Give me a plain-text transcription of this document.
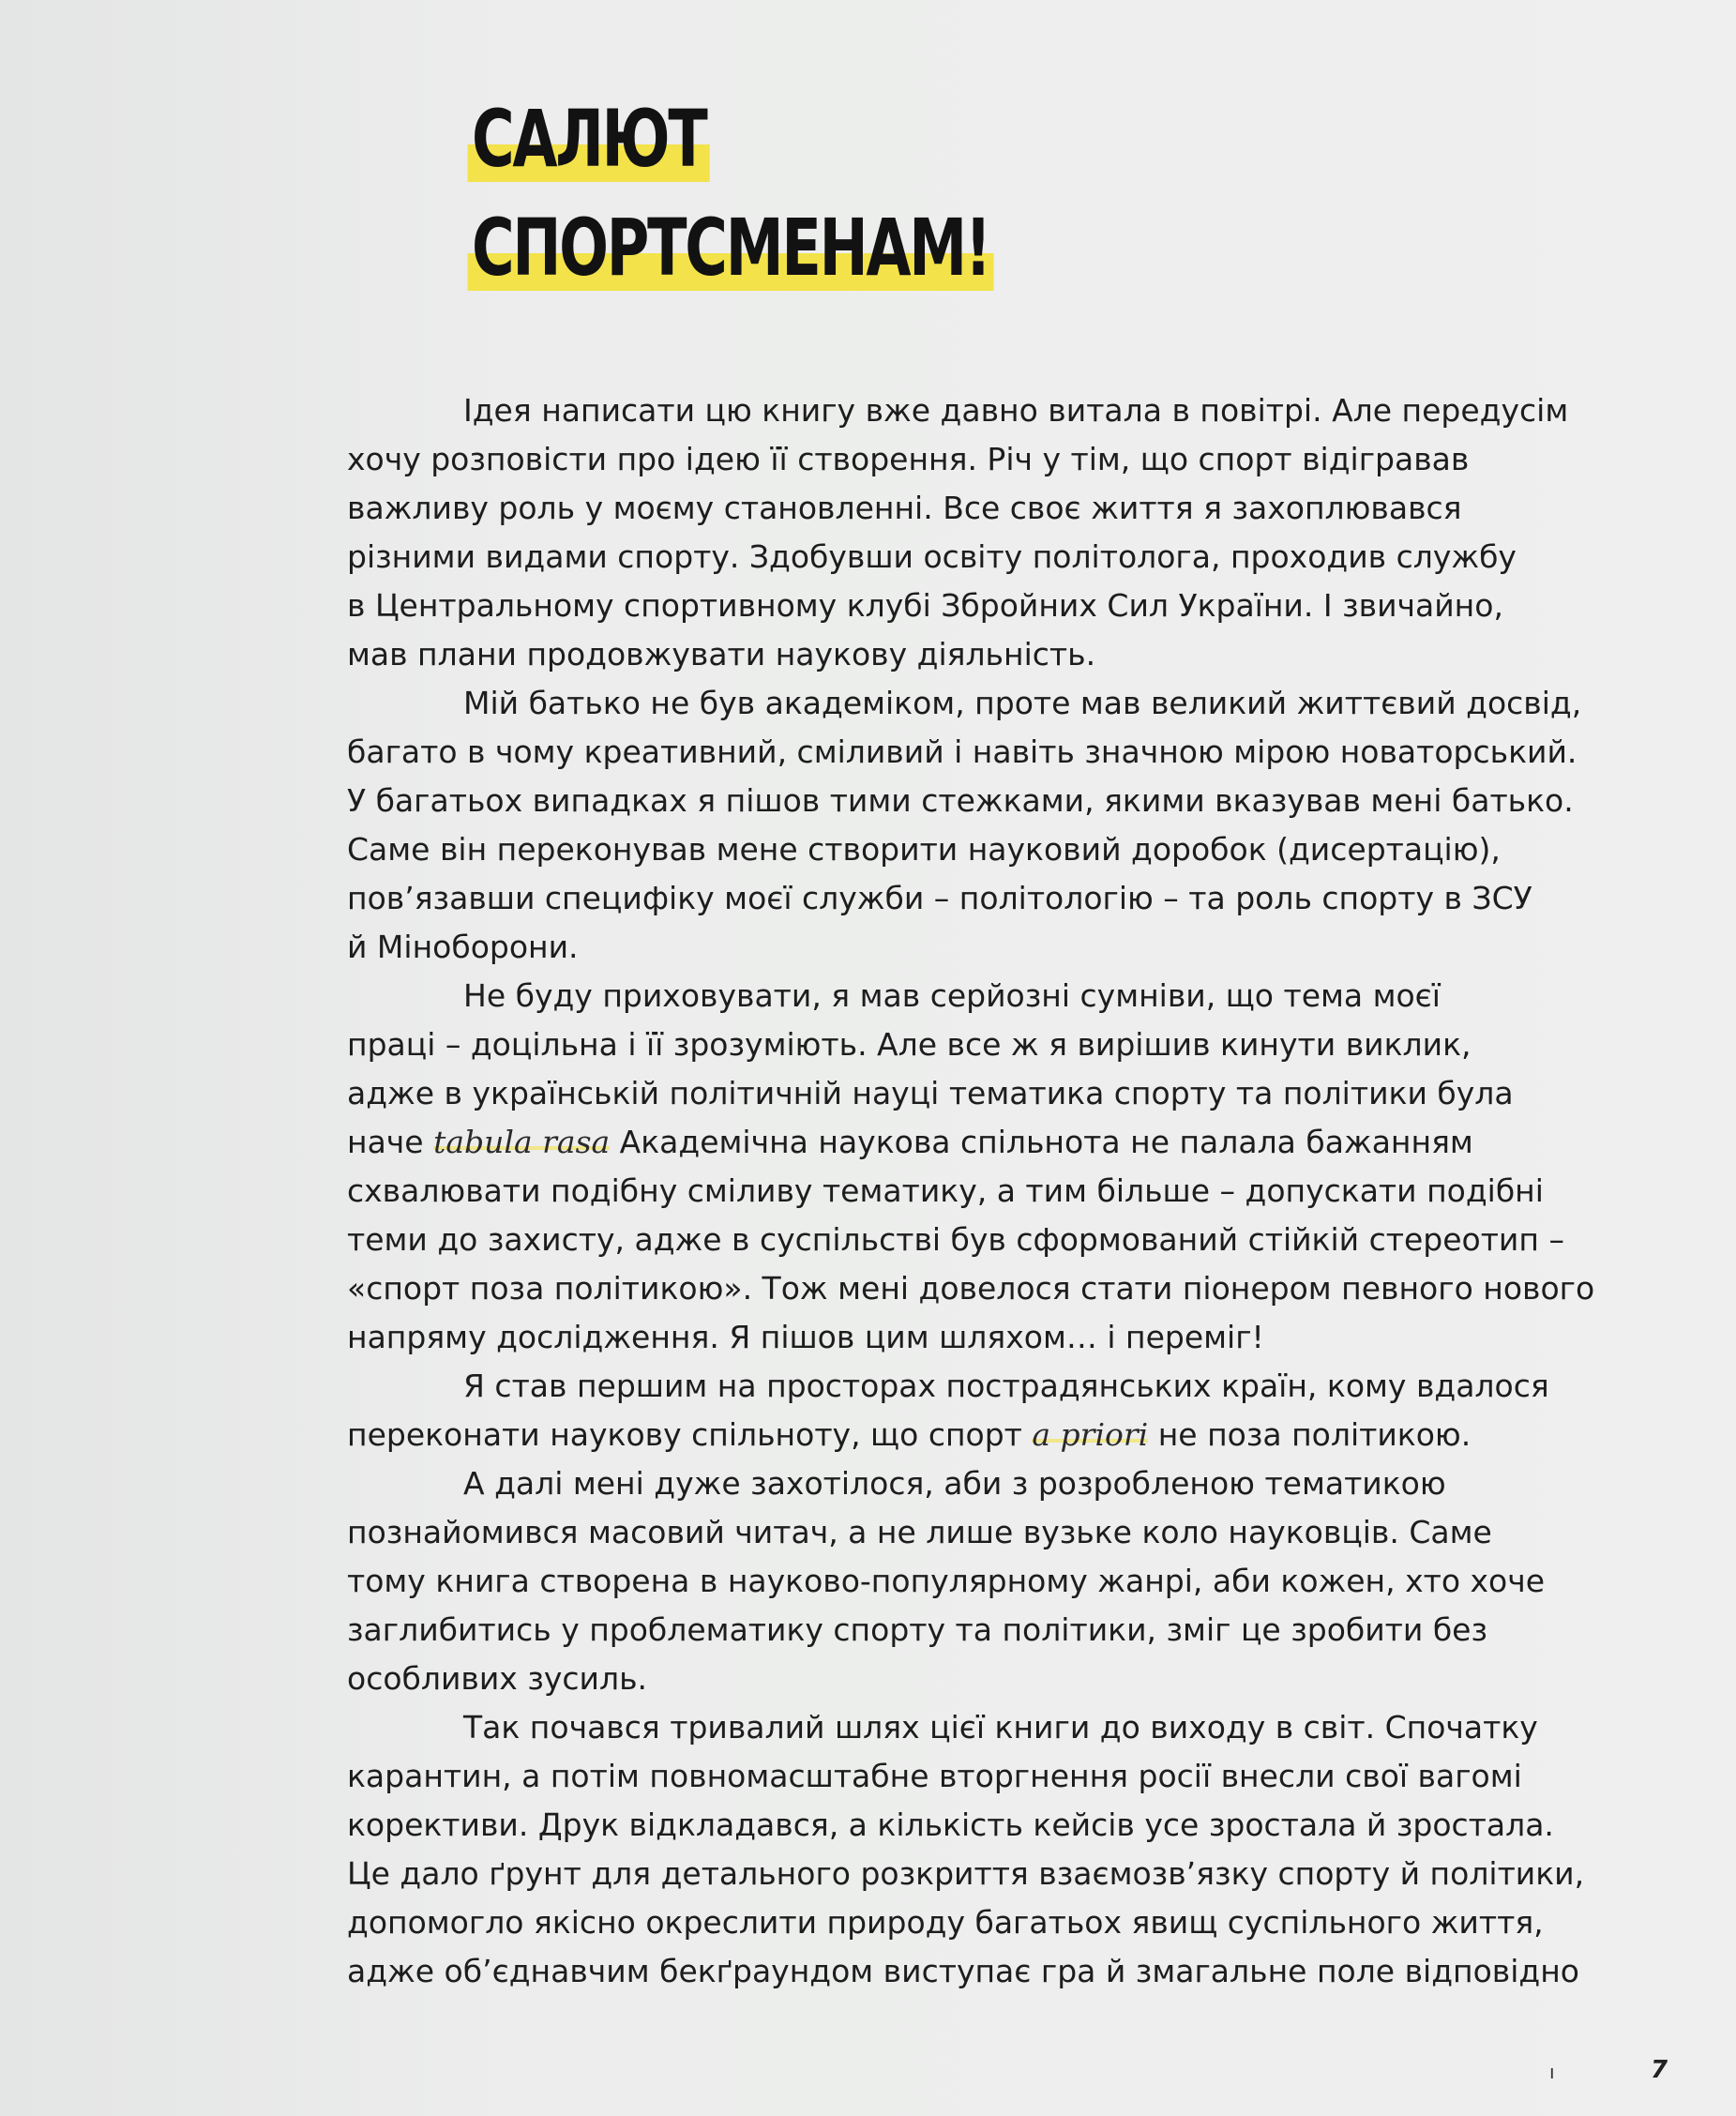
САЛЮТ
СПОРТСМЕНАМ!
Ідея написати цю книгу вже давно витала в повітрі. Але передусім
хочу розповісти про ідею її створення. Річ у тім, що спорт відігравав
важливу роль у моєму становленні. Все своє життя я захоплювався
різними видами спорту. Здобувши освіту політолога, проходив службу
в Центральному спортивному клубі Збройних Сил України. І звичайно,
мав плани продовжувати наукову діяльність.
Мій батько не був академіком, проте мав великий життєвий досвід,
багато в чому креативний, сміливий і навіть значною мірою новаторський.
У багатьох випадках я пішов тими стежками, якими вказував мені батько.
Саме він переконував мене створити науковий доробок (дисертацію),
пов’язавши специфіку моєї служби – політологію – та роль спорту в ЗСУ
й Міноборони.
Не буду приховувати, я мав серйозні сумніви, що тема моєї
праці – доцільна і її зрозуміють. Але все ж я вирішив кинути виклик,
адже в українській політичній науці тематика спорту та політики була
наче tabula rasa Академічна наукова спільнота не палала бажанням
схвалювати подібну сміливу тематику, а тим більше – допускати подібні
теми до захисту, адже в суспільстві був сформований стійкій стереотип –
«спорт поза політикою». Тож мені довелося стати піонером певного нового
напряму дослідження. Я пішов цим шляхом… і переміг!
Я став першим на просторах пострадянських країн, кому вдалося
переконати наукову спільноту, що спорт a priori не поза політикою.
А далі мені дуже захотілося, аби з розробленою тематикою
познайомився масовий читач, а не лише вузьке коло науковців. Саме
тому книга створена в науково-популярному жанрі, аби кожен, хто хоче
заглибитись у проблематику спорту та політики, зміг це зробити без
особливих зусиль.
Так почався тривалий шлях цієї книги до виходу в світ. Спочатку
карантин, а потім повномасштабне вторгнення росії внесли свої вагомі
корективи. Друк відкладався, а кількість кейсів усе зростала й зростала.
Це дало ґрунт для детального розкриття взаємозв’язку спорту й політики,
допомогло якісно окреслити природу багатьох явищ суспільного життя,
адже об’єднавчим бекґраундом виступає гра й змагальне поле відповідно
ı	7
